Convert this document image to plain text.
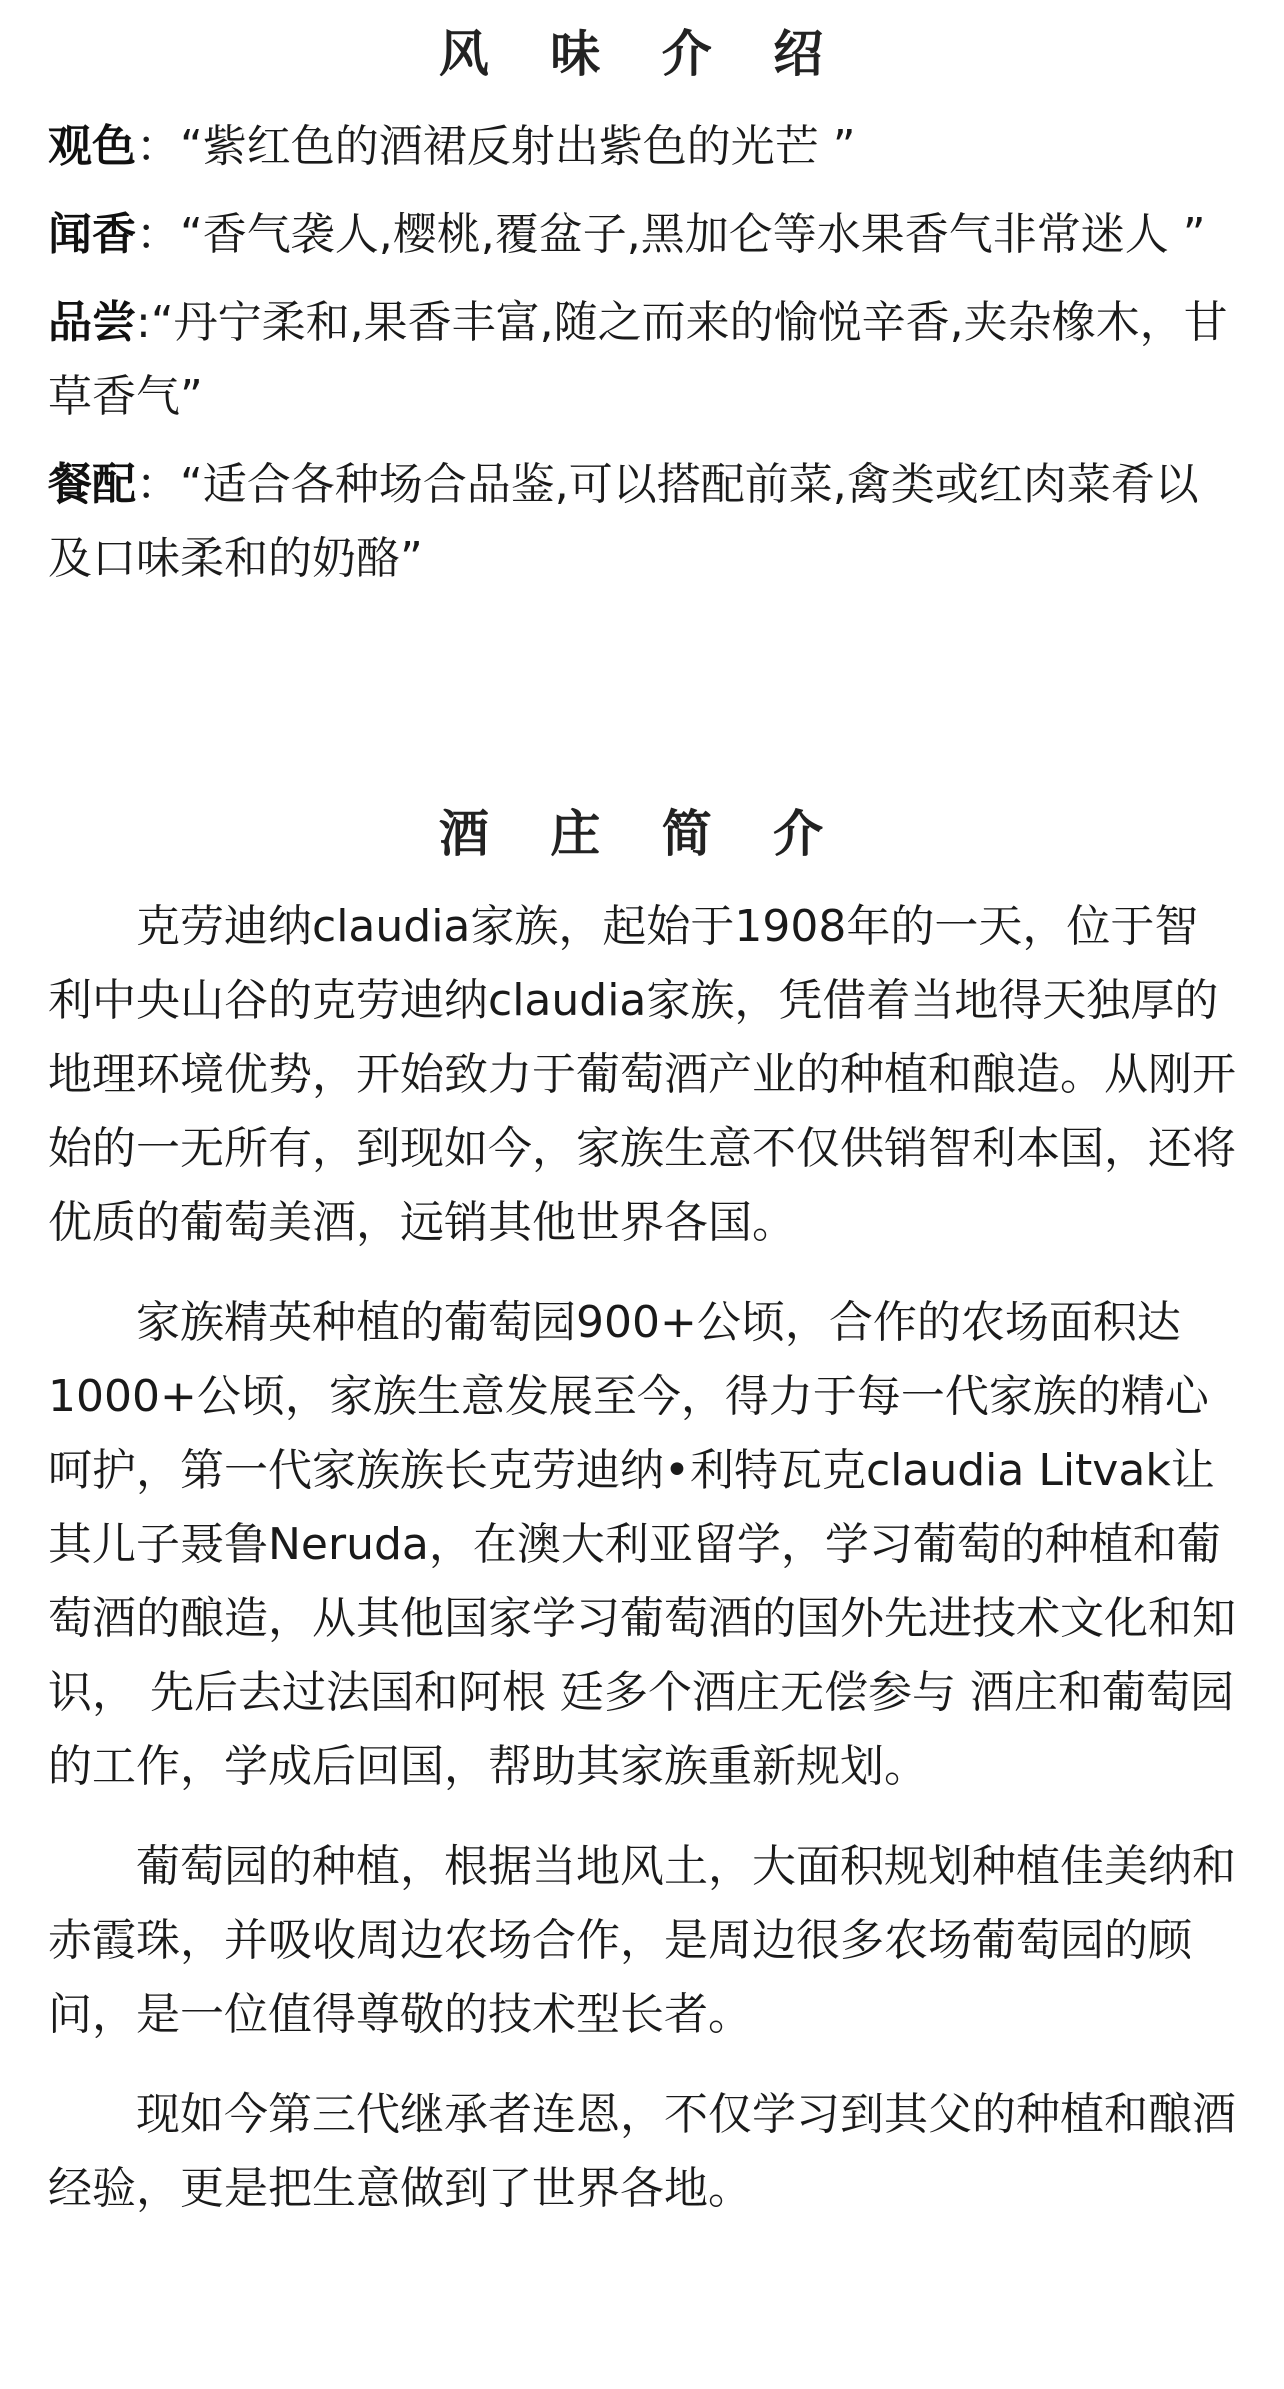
风 味 介 绍

观色：“紫红色的酒裙反射出紫色的光芒 ”

闻香：“香气袭人,樱桃,覆盆子,黑加仑等水果香气非常迷人 ”

品尝:“丹宁柔和,果香丰富,随之而来的愉悦辛香,夹杂橡木，甘草香气”

餐配：“适合各种场合品鉴,可以搭配前菜,禽类或红肉菜肴以及口味柔和的奶酪”

酒 庄 简 介

克劳迪纳claudia家族，起始于1908年的一天，位于智利中央山谷的克劳迪纳claudia家族，凭借着当地得天独厚的地理环境优势，开始致力于葡萄酒产业的种植和酿造。从刚开始的一无所有，到现如今，家族生意不仅供销智利本国，还将优质的葡萄美酒，远销其他世界各国。

家族精英种植的葡萄园900+公顷，合作的农场面积达1000+公顷，家族生意发展至今，得力于每一代家族的精心呵护，第一代家族族长克劳迪纳•利特瓦克claudia Litvak让其儿子聂鲁Neruda，在澳大利亚留学，学习葡萄的种植和葡萄酒的酿造，从其他国家学习葡萄酒的国外先进技术文化和知识， 先后去过法国和阿根 廷多个酒庄无偿参与 酒庄和葡萄园的工作，学成后回国，帮助其家族重新规划。

葡萄园的种植，根据当地风土，大面积规划种植佳美纳和赤霞珠，并吸收周边农场合作，是周边很多农场葡萄园的顾问，是一位值得尊敬的技术型长者。

现如今第三代继承者连恩，不仅学习到其父的种植和酿酒经验，更是把生意做到了世界各地。
